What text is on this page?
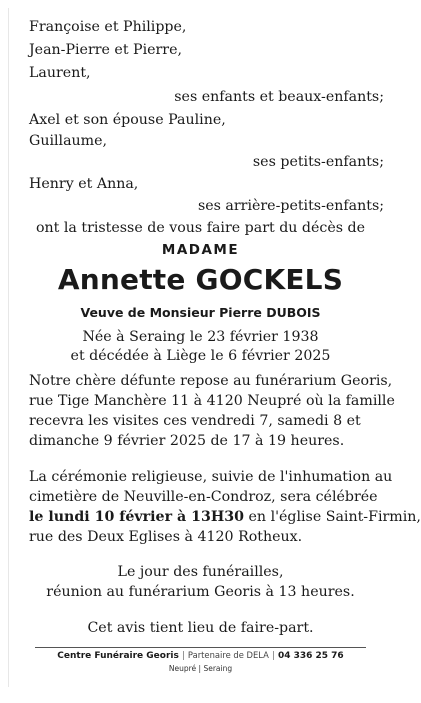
Françoise et Philippe,
Jean-Pierre et Pierre,
Laurent,
ses enfants et beaux-enfants;
Axel et son épouse Pauline,
Guillaume,
ses petits-enfants;
Henry et Anna,
ses arrière-petits-enfants;
ont la tristesse de vous faire part du décès de
MADAME
Annette GOCKELS
Veuve de Monsieur Pierre DUBOIS
Née à Seraing le 23 février 1938
et décédée à Liège le 6 février 2025
Notre chère défunte repose au funérarium Georis,
rue Tige Manchère 11 à 4120 Neupré où la famille
recevra les visites ces vendredi 7, samedi 8 et
dimanche 9 février 2025 de 17 à 19 heures.
La cérémonie religieuse, suivie de l'inhumation au
cimetière de Neuville-en-Condroz, sera célébrée
le lundi 10 février à 13H30 en l'église Saint-Firmin,
rue des Deux Eglises à 4120 Rotheux.
Le jour des funérailles,
réunion au funérarium Georis à 13 heures.
Cet avis tient lieu de faire-part.
Centre Funéraire Georis | Partenaire de DELA | 04 336 25 76
Neupré | Seraing
